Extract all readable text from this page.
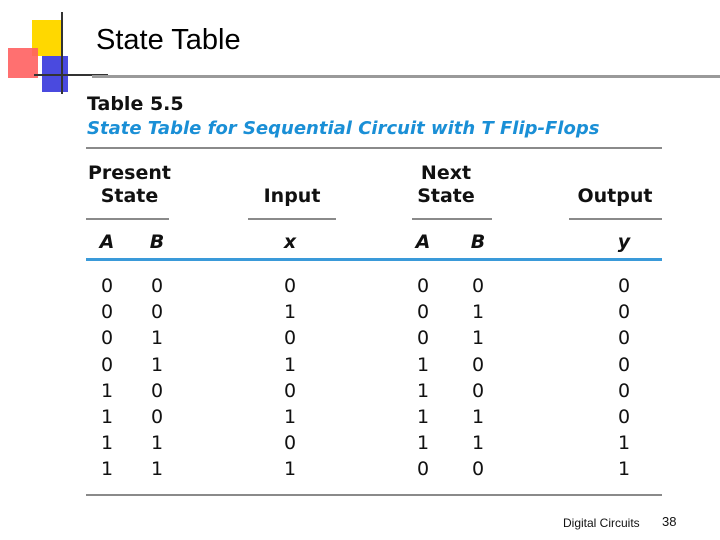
State Table
Table 5.5
State Table for Sequential Circuit with T Flip-Flops
Present
State	Input
Next
State	Output
A	B	x	A	B	y
0	0	0	0	0	0
0	0	1	0	1	0
0	1	0	0	1	0
0	1	1	1	0	0
1	0	0	1	0	0
1	0	1	1	1	0
1	1	0	1	1	1
1	1	1	0	0	1
Digital Circuits 38
